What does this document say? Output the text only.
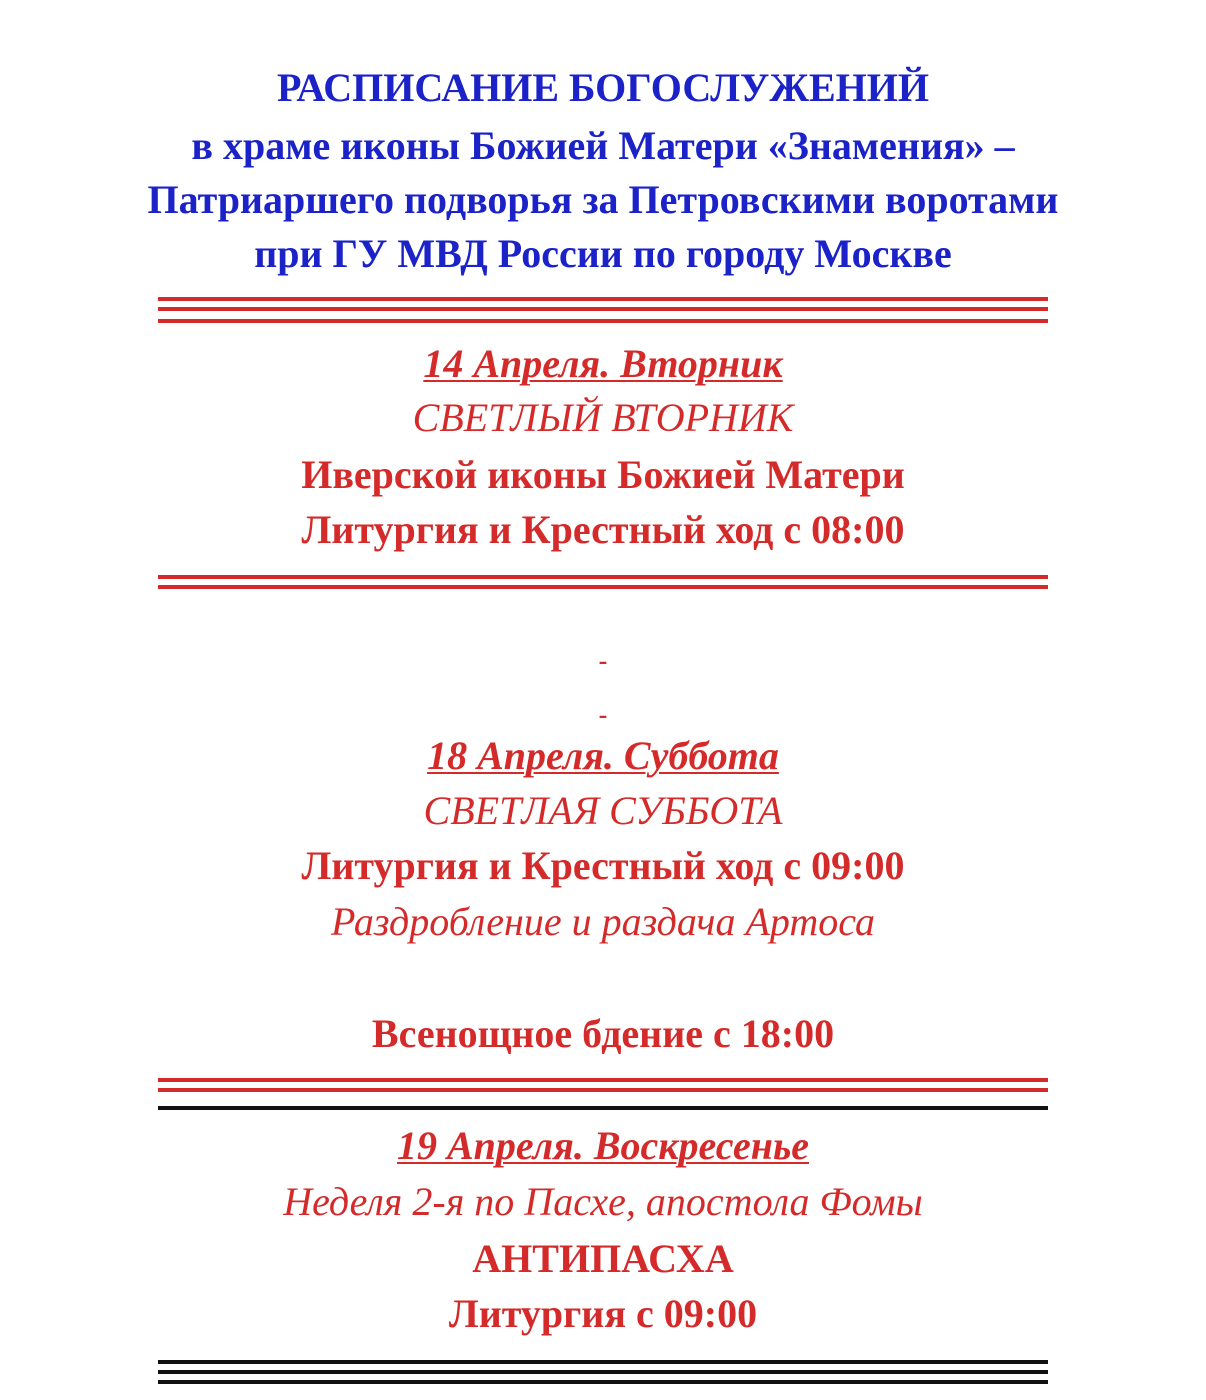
РАСПИСАНИЕ БОГОСЛУЖЕНИЙ
в храме иконы Божией Матери «Знамения» –
Патриаршего подворья за Петровскими воротами
при ГУ МВД России по городу Москве
14 Апреля. Вторник
СВЕТЛЫЙ ВТОРНИК
Иверской иконы Божией Матери
Литургия и Крестный ход с 08:00
-
-
18 Апреля. Суббота
СВЕТЛАЯ СУББОТА
Литургия и Крестный ход с 09:00
Раздробление и раздача Артоса
Всенощное бдение с 18:00
19 Апреля. Воскресенье
Неделя 2-я по Пасхе, апостола Фомы
АНТИПАСХА
Литургия с 09:00
